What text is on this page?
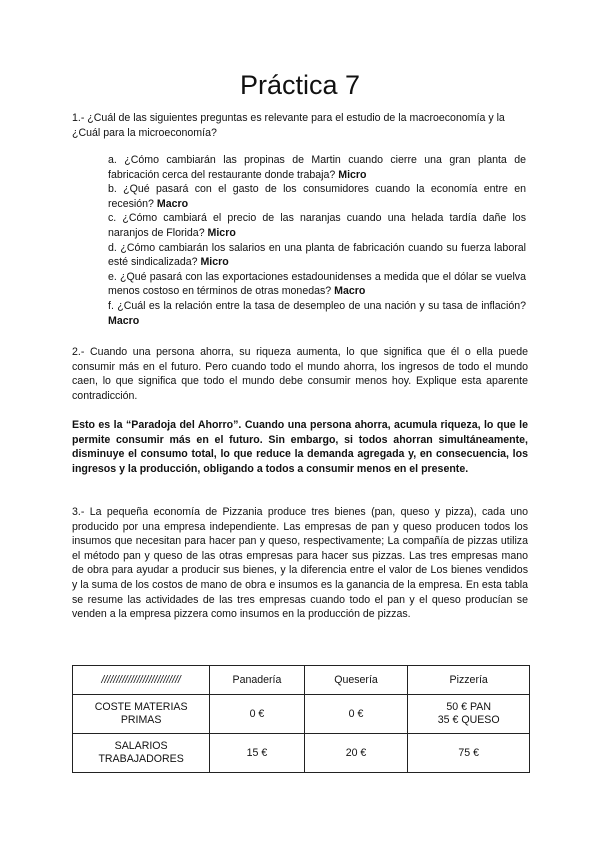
Práctica 7

1.- ¿Cuál de las siguientes preguntas es relevante para el estudio de la macroeconomía y la ¿Cuál para la microeconomía?

a. ¿Cómo cambiarán las propinas de Martin cuando cierre una gran planta de fabricación cerca del restaurante donde trabaja? Micro

b. ¿Qué pasará con el gasto de los consumidores cuando la economía entre en recesión? Macro

c. ¿Cómo cambiará el precio de las naranjas cuando una helada tardía dañe los naranjos de Florida? Micro

d. ¿Cómo cambiarán los salarios en una planta de fabricación cuando su fuerza laboral esté sindicalizada? Micro

e. ¿Qué pasará con las exportaciones estadounidenses a medida que el dólar se vuelva menos costoso en términos de otras monedas? Macro

f. ¿Cuál es la relación entre la tasa de desempleo de una nación y su tasa de inflación? Macro

2.- Cuando una persona ahorra, su riqueza aumenta, lo que significa que él o ella puede consumir más en el futuro. Pero cuando todo el mundo ahorra, los ingresos de todo el mundo caen, lo que significa que todo el mundo debe consumir menos hoy. Explique esta aparente contradicción.

Esto es la “Paradoja del Ahorro”. Cuando una persona ahorra, acumula riqueza, lo que le permite consumir más en el futuro. Sin embargo, si todos ahorran simultáneamente, disminuye el consumo total, lo que reduce la demanda agregada y, en consecuencia, los ingresos y la producción, obligando a todos a consumir menos en el presente.

3.- La pequeña economía de Pizzania produce tres bienes (pan, queso y pizza), cada uno producido por una empresa independiente. Las empresas de pan y queso producen todos los insumos que necesitan para hacer pan y queso, respectivamente; La compañía de pizzas utiliza el método pan y queso de las otras empresas para hacer sus pizzas. Las tres empresas mano de obra para ayudar a producir sus bienes, y la diferencia entre el valor de Los bienes vendidos y la suma de los costos de mano de obra e insumos es la ganancia de la empresa. En esta tabla se resume las actividades de las tres empresas cuando todo el pan y el queso producían se venden a la empresa pizzera como insumos en la producción de pizzas.

///////////////////////////	Panadería	Quesería	Pizzería

COSTE MATERIAS
PRIMAS	0 €	0 €	50 € PAN
35 € QUESO

SALARIOS
TRABAJADORES	15 €	20 €	75 €
